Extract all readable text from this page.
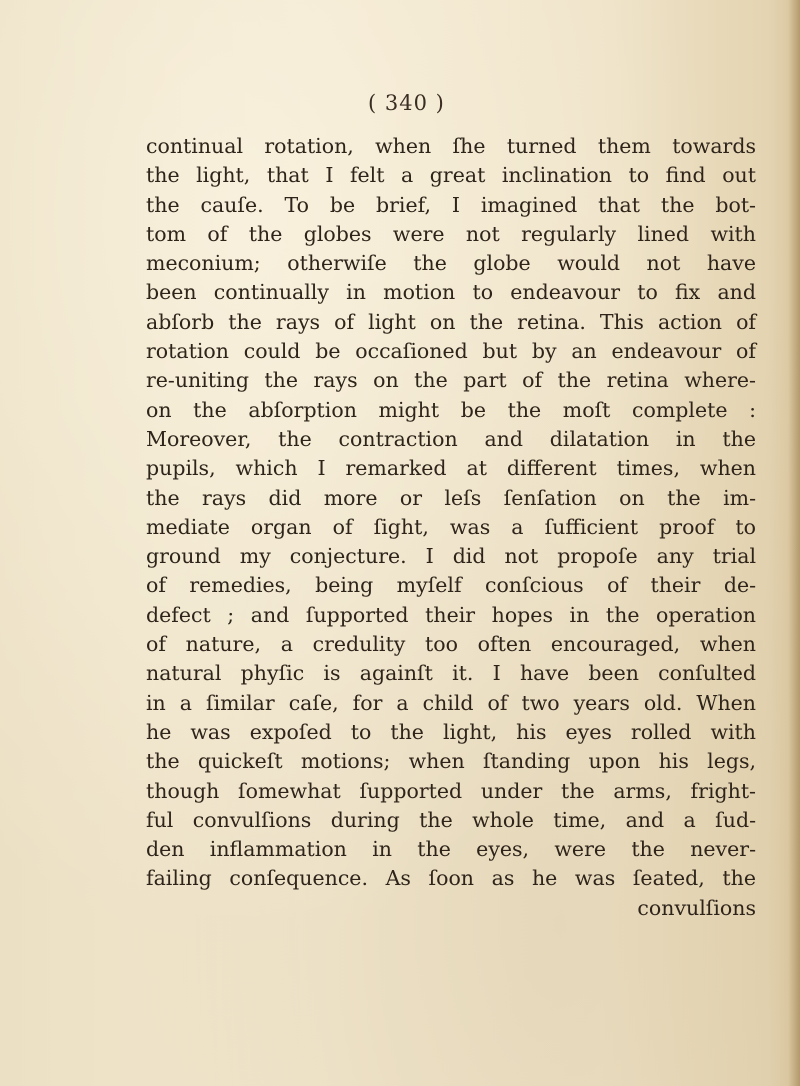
( 340 )
continual rotation, when ſhe turned them towards
the light, that I felt a great inclination to find out
the cauſe. To be brief, I imagined that the bot-
tom of the globes were not regularly lined with
meconium; otherwiſe the globe would not have
been continually in motion to endeavour to fix and
abſorb the rays of light on the retina. This action of
rotation could be occaſioned but by an endeavour of
re-uniting the rays on the part of the retina where-
on the abſorption might be the moſt complete :
Moreover, the contraction and dilatation in the
pupils, which I remarked at different times, when
the rays did more or leſs ſenſation on the im-
mediate organ of ſight, was a ſufficient proof to
ground my conjecture. I did not propoſe any trial
of remedies, being myſelf conſcious of their de-
defect ; and ſupported their hopes in the operation
of nature, a credulity too often encouraged, when
natural phyſic is againſt it. I have been conſulted
in a ſimilar caſe, for a child of two years old. When
he was expoſed to the light, his eyes rolled with
the quickeſt motions; when ſtanding upon his legs,
though ſomewhat ſupported under the arms, fright-
ful convulſions during the whole time, and a ſud-
den inflammation in the eyes, were the never-
failing conſequence. As ſoon as he was ſeated, the
convulſions
